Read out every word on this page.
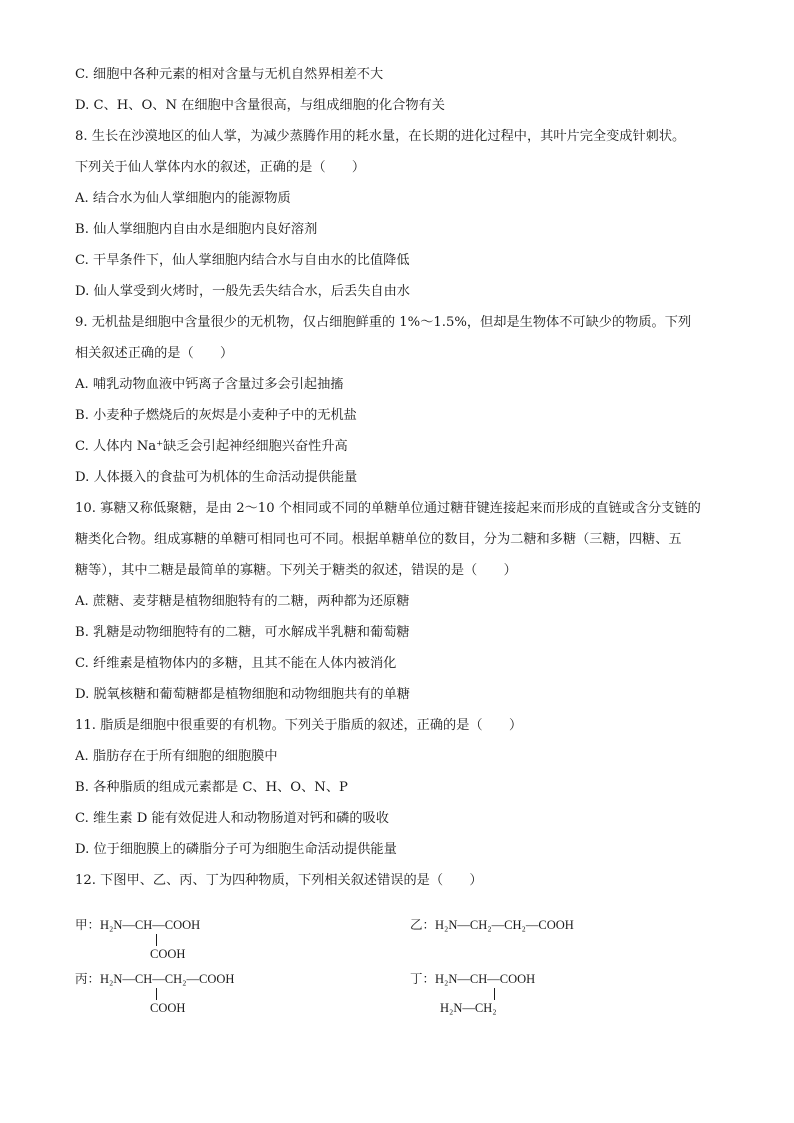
C. 细胞中各种元素的相对含量与无机自然界相差不大
D. C、H、O、N 在细胞中含量很高，与组成细胞的化合物有关
8. 生长在沙漠地区的仙人掌，为减少蒸腾作用的耗水量，在长期的进化过程中，其叶片完全变成针刺状。
下列关于仙人掌体内水的叙述，正确的是（　　）
A. 结合水为仙人掌细胞内的能源物质
B. 仙人掌细胞内自由水是细胞内良好溶剂
C. 干旱条件下，仙人掌细胞内结合水与自由水的比值降低
D. 仙人掌受到火烤时，一般先丢失结合水，后丢失自由水
9. 无机盐是细胞中含量很少的无机物，仅占细胞鲜重的 1%～1.5%，但却是生物体不可缺少的物质。下列
相关叙述正确的是（　　）
A. 哺乳动物血液中钙离子含量过多会引起抽搐
B. 小麦种子燃烧后的灰烬是小麦种子中的无机盐
C. 人体内 Na⁺缺乏会引起神经细胞兴奋性升高
D. 人体摄入的食盐可为机体的生命活动提供能量
10. 寡糖又称低聚糖，是由 2～10 个相同或不同的单糖单位通过糖苷键连接起来而形成的直链或含分支链的
糖类化合物。组成寡糖的单糖可相同也可不同。根据单糖单位的数目，分为二糖和多糖（三糖，四糖、五
糖等），其中二糖是最简单的寡糖。下列关于糖类的叙述，错误的是（　　）
A. 蔗糖、麦芽糖是植物细胞特有的二糖，两种都为还原糖
B. 乳糖是动物细胞特有的二糖，可水解成半乳糖和葡萄糖
C. 纤维素是植物体内的多糖，且其不能在人体内被消化
D. 脱氧核糖和葡萄糖都是植物细胞和动物细胞共有的单糖
11. 脂质是细胞中很重要的有机物。下列关于脂质的叙述，正确的是（　　）
A. 脂肪存在于所有细胞的细胞膜中
B. 各种脂质的组成元素都是 C、H、O、N、P
C. 维生素 D 能有效促进人和动物肠道对钙和磷的吸收
D. 位于细胞膜上的磷脂分子可为细胞生命活动提供能量
12. 下图甲、乙、丙、丁为四种物质，下列相关叙述错误的是（　　）
甲：H₂N—CH—COOH
COOH
乙：H₂N—CH₂—CH₂—COOH
丙：H₂N—CH—CH₂—COOH
COOH
丁：H₂N—CH—COOH
H₂N—CH₂
